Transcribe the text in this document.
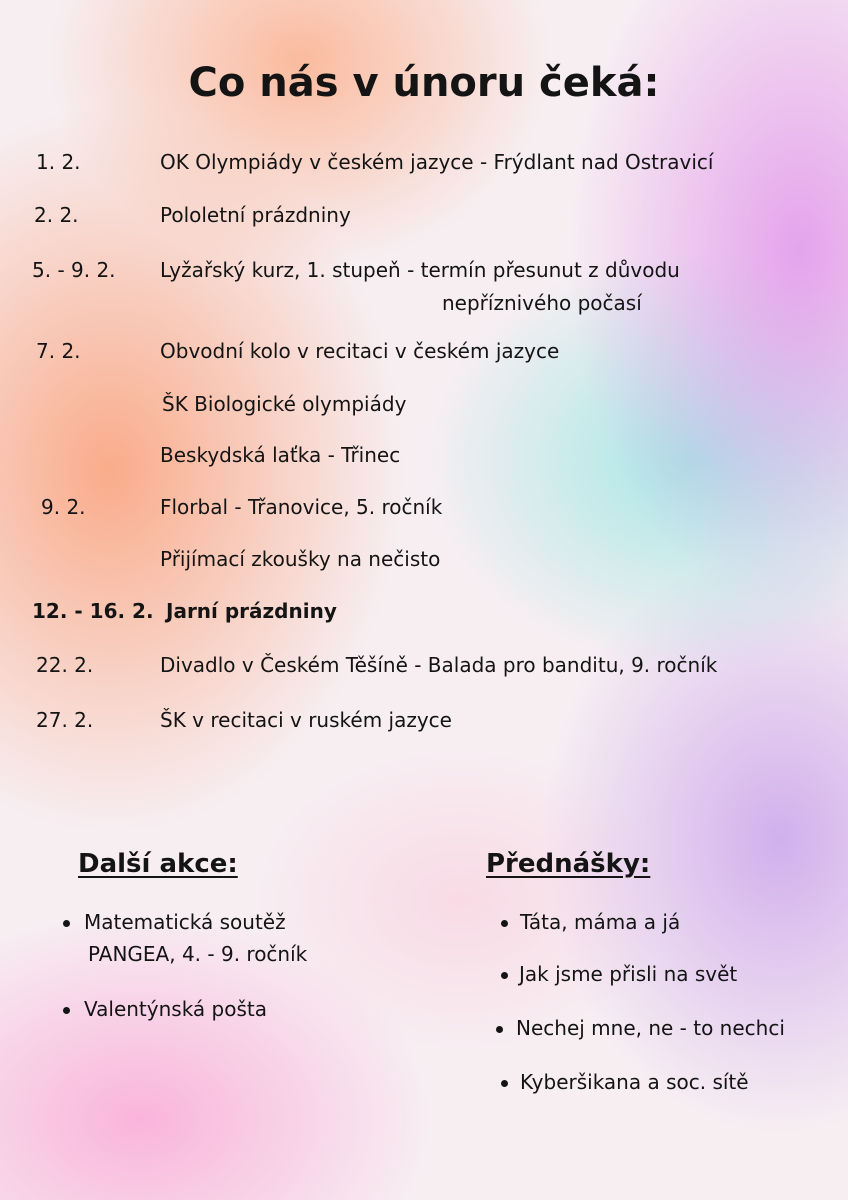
Co nás v únoru čeká:
1. 2.	OK Olympiády v českém jazyce - Frýdlant nad Ostravicí
2. 2.	Pololetní prázdniny
5. - 9. 2. Lyžařský kurz, 1. stupeň - termín přesunut z důvodu
nepříznivého počasí
7. 2.	Obvodní kolo v recitaci v českém jazyce
ŠK Biologické olympiády
Beskydská laťka - Třinec
9. 2.	Florbal - Třanovice, 5. ročník
Přijímací zkoušky na nečisto
12. - 16. 2. Jarní prázdniny
22. 2.	Divadlo v Českém Těšíně - Balada pro banditu, 9. ročník
27. 2.	ŠK v recitaci v ruském jazyce
Další akce:
Matematická soutěž
PANGEA, 4. - 9. ročník
Valentýnská pošta
Přednášky:
Táta, máma a já
Jak jsme přisli na svět
Nechej mne, ne - to nechci
Kyberšikana a soc. sítě
